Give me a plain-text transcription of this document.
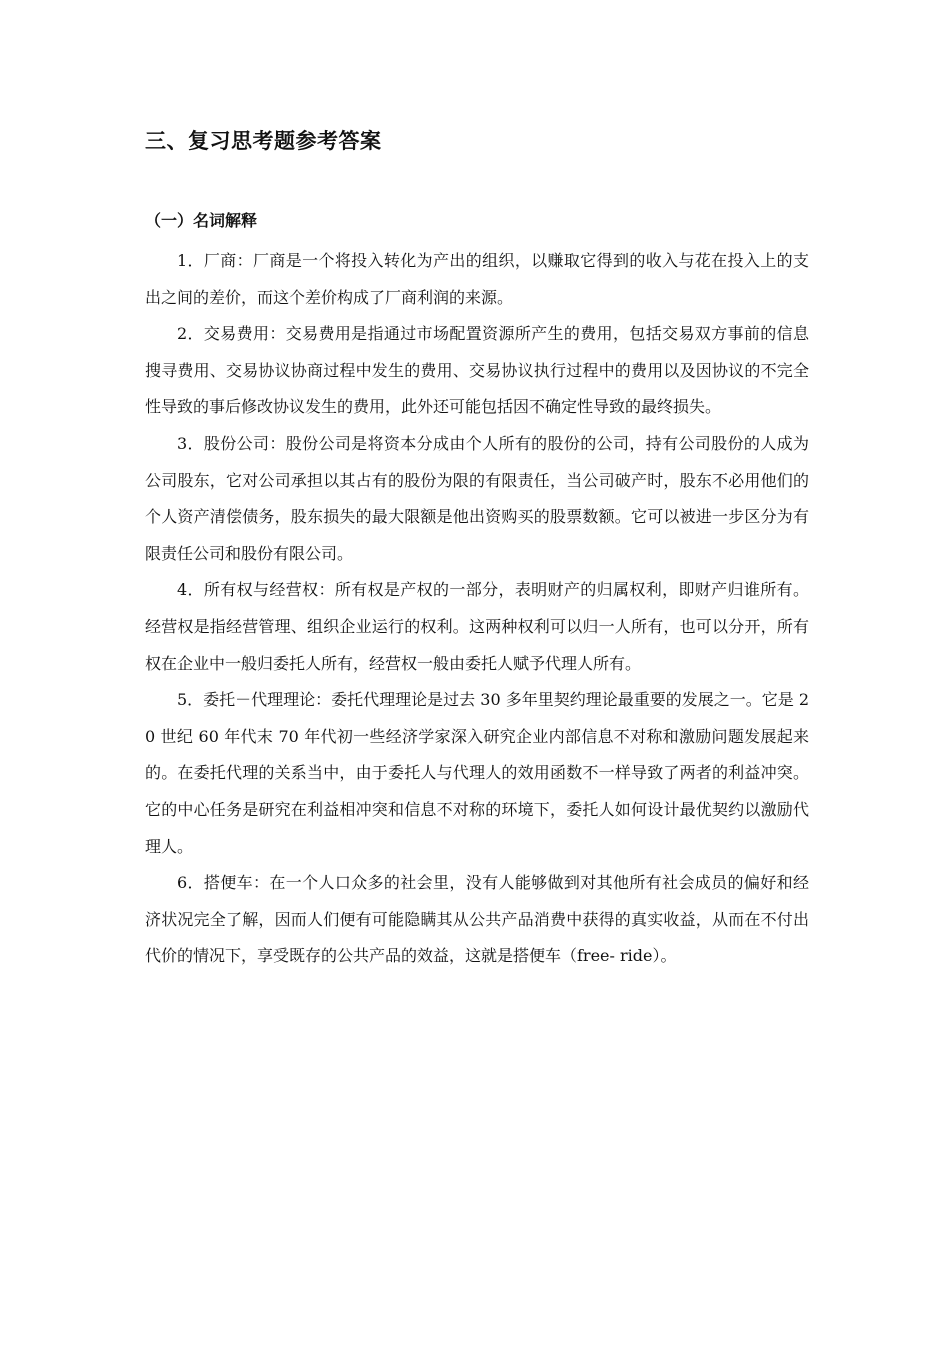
三、复习思考题参考答案
（一）名词解释

1．厂商：厂商是一个将投入转化为产出的组织，以赚取它得到的收入与花在投入上的支出之间的差价，而这个差价构成了厂商利润的来源。

2．交易费用：交易费用是指通过市场配置资源所产生的费用，包括交易双方事前的信息搜寻费用、交易协议协商过程中发生的费用、交易协议执行过程中的费用以及因协议的不完全性导致的事后修改协议发生的费用，此外还可能包括因不确定性导致的最终损失。

3．股份公司：股份公司是将资本分成由个人所有的股份的公司，持有公司股份的人成为公司股东，它对公司承担以其占有的股份为限的有限责任，当公司破产时，股东不必用他们的个人资产清偿债务，股东损失的最大限额是他出资购买的股票数额。它可以被进一步区分为有限责任公司和股份有限公司。

4．所有权与经营权：所有权是产权的一部分，表明财产的归属权利，即财产归谁所有。经营权是指经营管理、组织企业运行的权利。这两种权利可以归一人所有，也可以分开，所有权在企业中一般归委托人所有，经营权一般由委托人赋予代理人所有。

5．委托－代理理论：委托代理理论是过去 30 多年里契约理论最重要的发展之一。它是 20 世纪 60 年代末 70 年代初一些经济学家深入研究企业内部信息不对称和激励问题发展起来的。在委托代理的关系当中，由于委托人与代理人的效用函数不一样导致了两者的利益冲突。它的中心任务是研究在利益相冲突和信息不对称的环境下，委托人如何设计最优契约以激励代理人。

6．搭便车：在一个人口众多的社会里，没有人能够做到对其他所有社会成员的偏好和经济状况完全了解，因而人们便有可能隐瞒其从公共产品消费中获得的真实收益，从而在不付出代价的情况下，享受既存的公共产品的效益，这就是搭便车（free- ride）。
